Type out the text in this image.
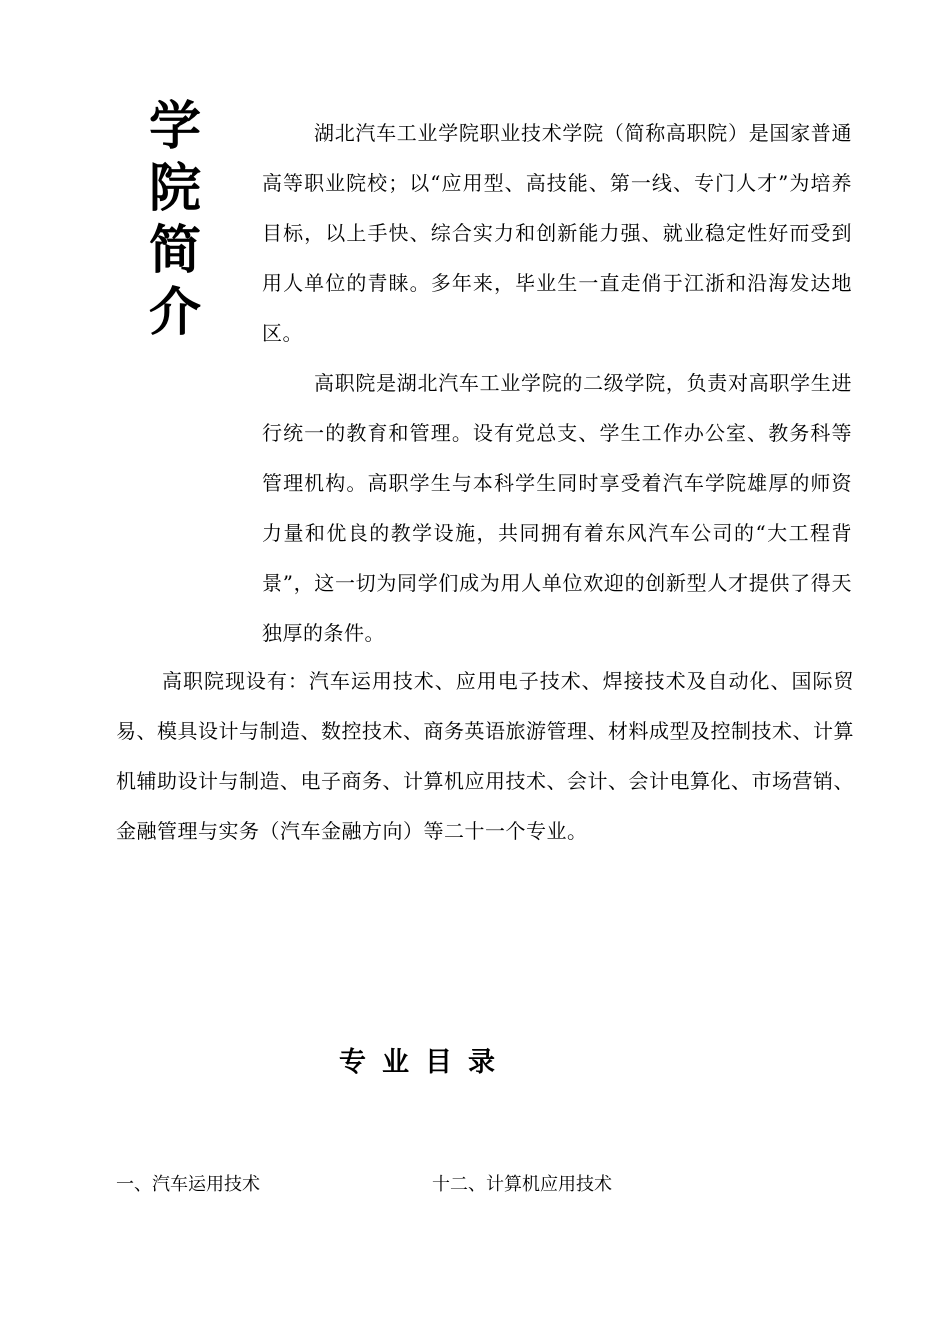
学
院
简
介

湖北汽车工业学院职业技术学院（简称高职院）是国家普通高等职业院校；以“应用型、高技能、第一线、专门人才”为培养目标，以上手快、综合实力和创新能力强、就业稳定性好而受到用人单位的青睐。多年来，毕业生一直走俏于江浙和沿海发达地区。

高职院是湖北汽车工业学院的二级学院，负责对高职学生进行统一的教育和管理。设有党总支、学生工作办公室、教务科等管理机构。高职学生与本科学生同时享受着汽车学院雄厚的师资力量和优良的教学设施，共同拥有着东风汽车公司的“大工程背景”，这一切为同学们成为用人单位欢迎的创新型人才提供了得天独厚的条件。

高职院现设有：汽车运用技术、应用电子技术、焊接技术及自动化、国际贸易、模具设计与制造、数控技术、商务英语旅游管理、材料成型及控制技术、计算机辅助设计与制造、电子商务、计算机应用技术、会计、会计电算化、市场营销、金融管理与实务（汽车金融方向）等二十一个专业。

专业目录
一、汽车运用技术	十二、计算机应用技术
